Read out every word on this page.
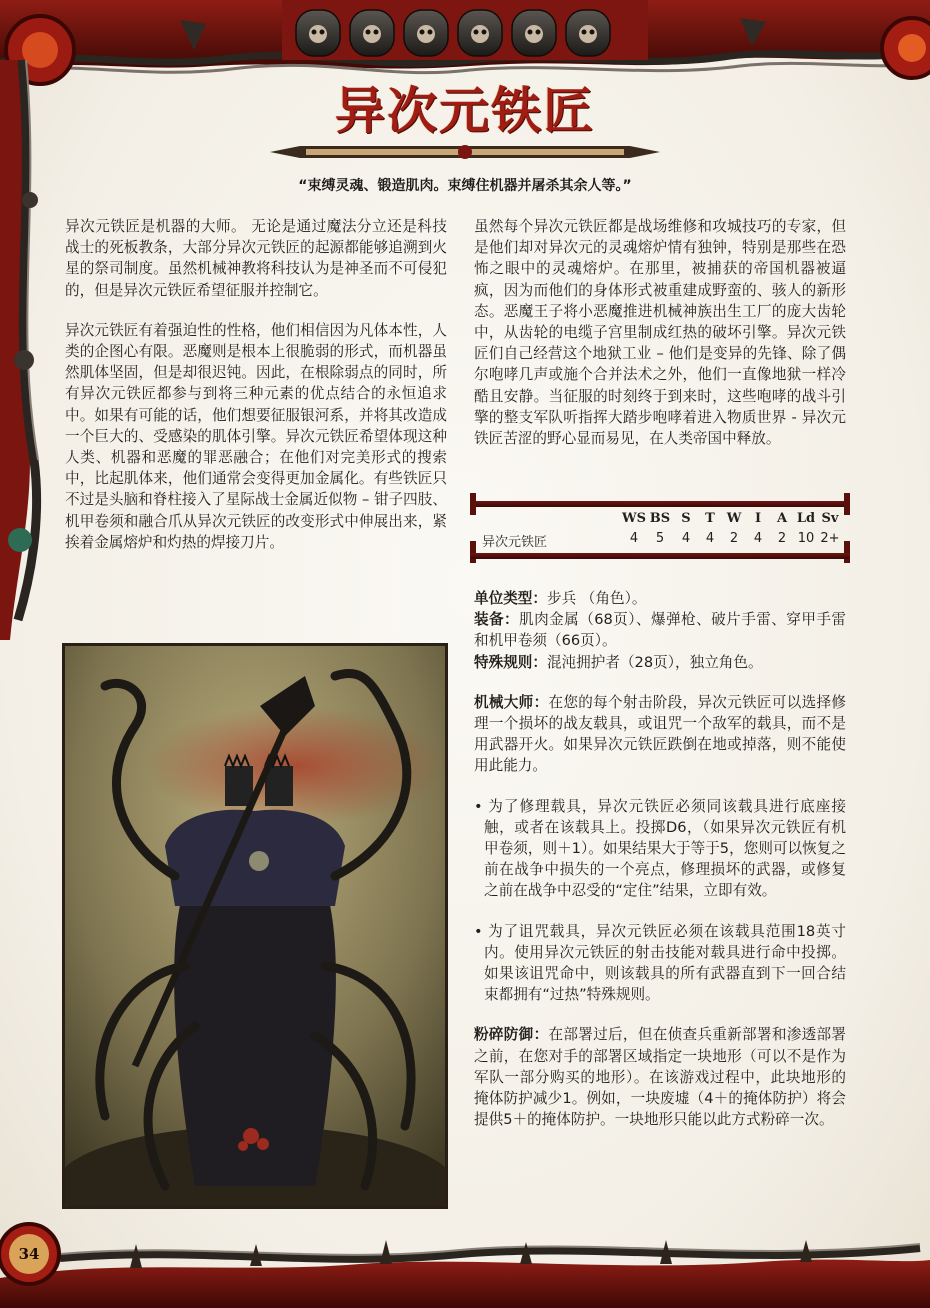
异次元铁匠
“束缚灵魂、锻造肌肉。束缚住机器并屠杀其余人等。”

异次元铁匠是机器的大师。 无论是通过魔法分立还是科技战士的死板教条，大部分异次元铁匠的起源都能够追溯到火星的祭司制度。虽然机械神教将科技认为是神圣而不可侵犯的，但是异次元铁匠希望征服并控制它。

异次元铁匠有着强迫性的性格，他们相信因为凡体本性，人类的企图心有限。恶魔则是根本上很脆弱的形式，而机器虽然肌体坚固，但是却很迟钝。因此，在根除弱点的同时，所有异次元铁匠都参与到将三种元素的优点结合的永恒追求中。如果有可能的话，他们想要征服银河系，并将其改造成一个巨大的、受感染的肌体引擎。异次元铁匠希望体现这种人类、机器和恶魔的罪恶融合；在他们对完美形式的搜索中，比起肌体来，他们通常会变得更加金属化。有些铁匠只不过是头脑和脊柱接入了星际战士金属近似物 – 钳子四肢、机甲卷须和融合爪从异次元铁匠的改变形式中伸展出来，紧挨着金属熔炉和灼热的焊接刀片。

虽然每个异次元铁匠都是战场维修和攻城技巧的专家，但是他们却对异次元的灵魂熔炉情有独钟，特别是那些在恐怖之眼中的灵魂熔炉。在那里，被捕获的帝国机器被逼疯，因为而他们的身体形式被重建成野蛮的、骇人的新形态。恶魔王子将小恶魔推进机械神族出生工厂的庞大齿轮中，从齿轮的电缆子宫里制成红热的破坏引擎。异次元铁匠们自己经营这个地狱工业 – 他们是变异的先锋、除了偶尔咆哮几声或施个合并法术之外，他们一直像地狱一样冷酷且安静。当征服的时刻终于到来时，这些咆哮的战斗引擎的整支军队听指挥大踏步咆哮着进入物质世界 - 异次元铁匠苦涩的野心显而易见，在人类帝国中释放。

WS BS S	T W	I	A Ld Sv
异次元铁匠	4	5	4	4	2	4	2 10 2+

单位类型：步兵 （角色）。

装备：肌肉金属（68页）、爆弹枪、破片手雷、穿甲手雷和机甲卷须（66页）。

特殊规则：混沌拥护者（28页），独立角色。

机械大师：在您的每个射击阶段，异次元铁匠可以选择修理一个损坏的战友载具，或诅咒一个敌军的载具，而不是用武器开火。如果异次元铁匠跌倒在地或掉落，则不能使用此能力。

• 为了修理载具，异次元铁匠必须同该载具进行底座接触，或者在该载具上。投掷D6，（如果异次元铁匠有机甲卷须，则＋1）。如果结果大于等于5，您则可以恢复之前在战争中损失的一个亮点，修理损坏的武器，或修复之前在战争中忍受的“定住”结果，立即有效。

• 为了诅咒载具，异次元铁匠必须在该载具范围18英寸内。使用异次元铁匠的射击技能对载具进行命中投掷。如果该诅咒命中，则该载具的所有武器直到下一回合结束都拥有“过热”特殊规则。

粉碎防御：在部署过后，但在侦查兵重新部署和渗透部署之前，在您对手的部署区域指定一块地形（可以不是作为军队一部分购买的地形）。在该游戏过程中，此块地形的掩体防护减少1。例如，一块废墟（4＋的掩体防护）将会提供5＋的掩体防护。一块地形只能以此方式粉碎一次。

34
